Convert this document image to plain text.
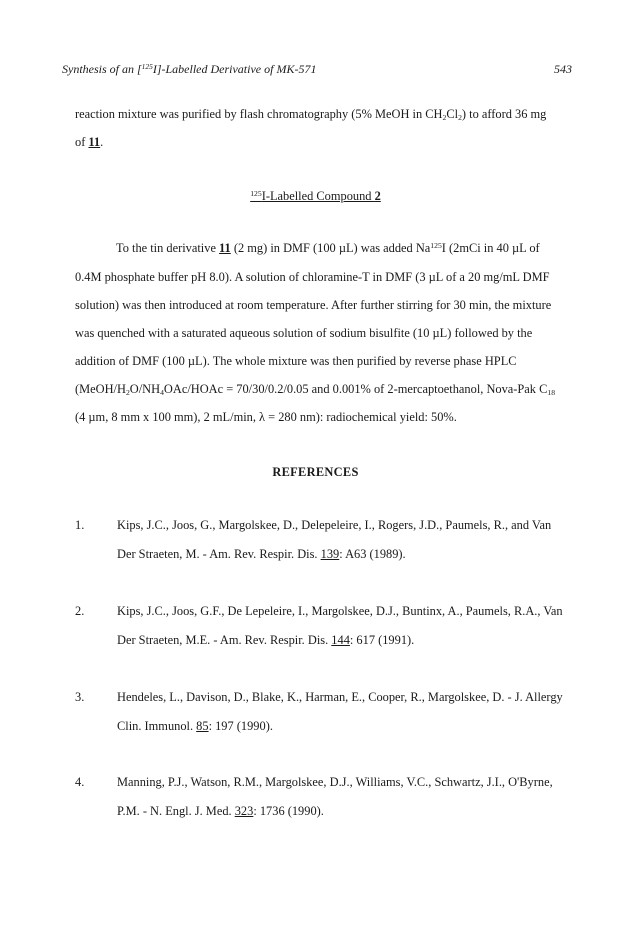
Synthesis of an [$^{125}$I]-Labelled Derivative of MK-571	543
reaction mixture was purified by flash chromatography (5% MeOH in $CH_2Cl_2$) to afford 36 mg
of 11.
$^{125}$I-Labelled Compound 2
To the tin derivative 11 (2 mg) in DMF (100 µL) was added Na$^{125}$I (2mCi in 40 µL of
0.4M phosphate buffer pH 8.0). A solution of chloramine-T in DMF (3 µL of a 20 mg/mL DMF
solution) was then introduced at room temperature. After further stirring for 30 min, the mixture
was quenched with a saturated aqueous solution of sodium bisulfite (10 µL) followed by the
addition of DMF (100 µL). The whole mixture was then purified by reverse phase HPLC
($MeOH/H_2O/NH_4OAc$/HOAc = 70/30/0.2/0.05 and 0.001% of 2-mercaptoethanol, Nova-Pak $C_{18}$
(4 µm, 8 mm x 100 mm), 2 mL/min, λ = 280 nm): radiochemical yield: 50%.
REFERENCES
1.	Kips, J.C., Joos, G., Margolskee, D., Delepeleire, I., Rogers, J.D., Paumels, R., and Van
Der Straeten, M. - Am. Rev. Respir. Dis. 139: A63 (1989).
2.	Kips, J.C., Joos, G.F., De Lepeleire, I., Margolskee, D.J., Buntinx, A., Paumels, R.A., Van
Der Straeten, M.E. - Am. Rev. Respir. Dis. 144: 617 (1991).
3.	Hendeles, L., Davison, D., Blake, K., Harman, E., Cooper, R., Margolskee, D. - J. Allergy
Clin. Immunol. 85: 197 (1990).
4.	Manning, P.J., Watson, R.M., Margolskee, D.J., Williams, V.C., Schwartz, J.I., O'Byrne,
P.M. - N. Engl. J. Med. 323: 1736 (1990).
